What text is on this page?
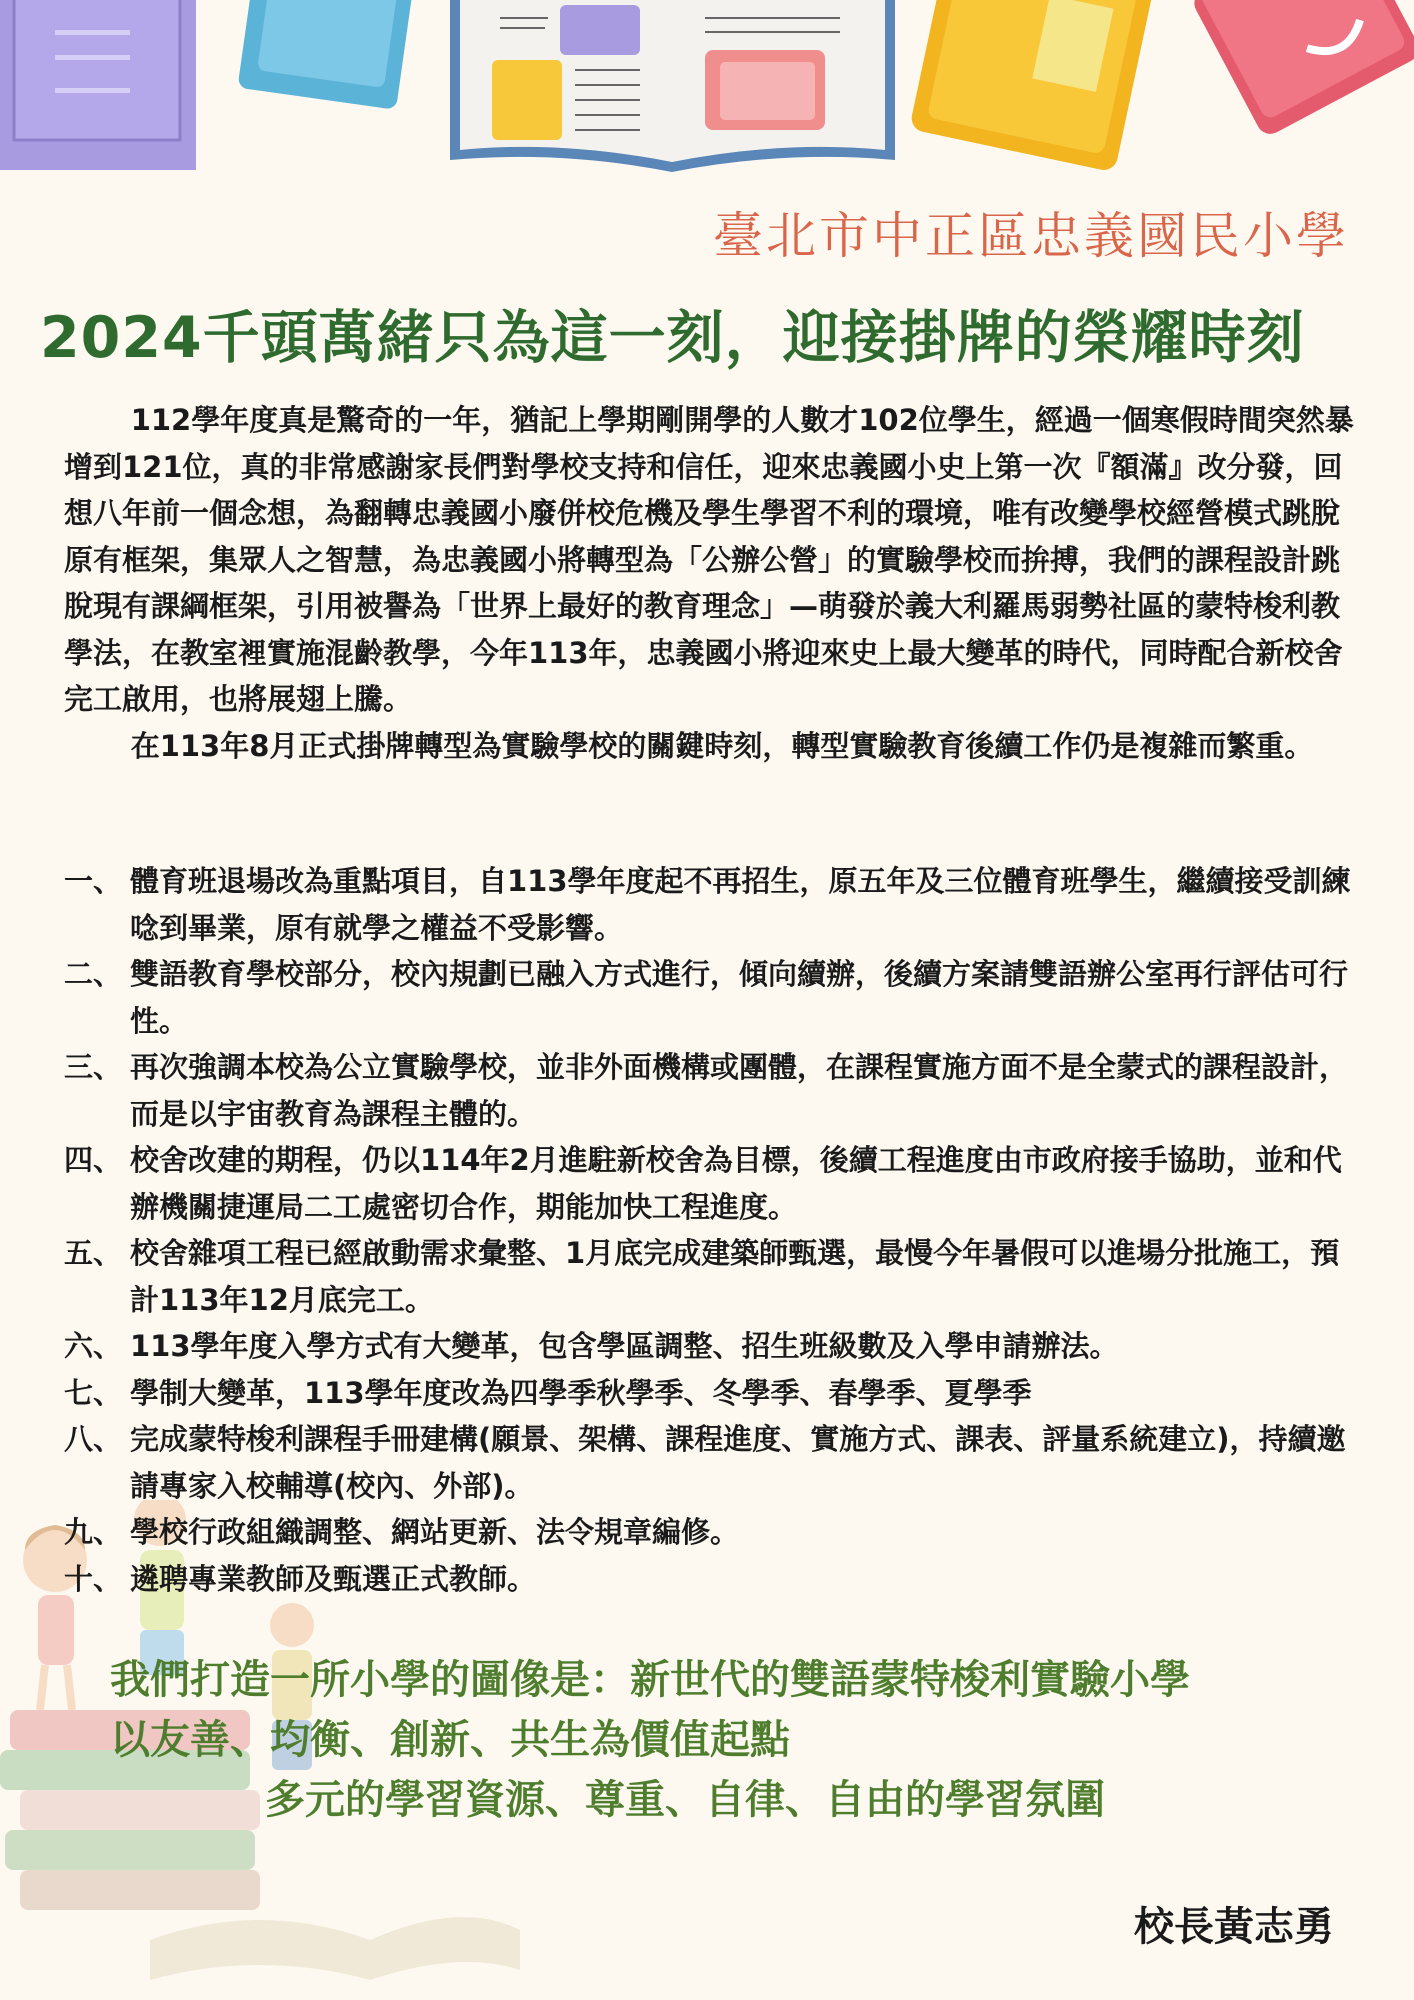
臺北市中正區忠義國民小學
2024千頭萬緒只為這一刻，迎接掛牌的榮耀時刻

112學年度真是驚奇的一年，猶記上學期剛開學的人數才102位學生，經過一個寒假時間突然暴增到121位，真的非常感謝家長們對學校支持和信任，迎來忠義國小史上第一次『額滿』改分發，回想八年前一個念想，為翻轉忠義國小廢併校危機及學生學習不利的環境，唯有改變學校經營模式跳脫原有框架，集眾人之智慧，為忠義國小將轉型為「公辦公營」的實驗學校而拚搏，我們的課程設計跳脫現有課綱框架，引用被譽為「世界上最好的教育理念」—萌發於義大利羅馬弱勢社區的蒙特梭利教學法，在教室裡實施混齡教學，今年113年，忠義國小將迎來史上最大變革的時代，同時配合新校舍完工啟用，也將展翅上騰。

在113年8月正式掛牌轉型為實驗學校的關鍵時刻，轉型實驗教育後續工作仍是複雜而繁重。

一、 體育班退場改為重點項目，自113學年度起不再招生，原五年及三位體育班學生，繼續接受訓練唸到畢業，原有就學之權益不受影響。
二、 雙語教育學校部分，校內規劃已融入方式進行，傾向續辦，後續方案請雙語辦公室再行評估可行性。
三、 再次強調本校為公立實驗學校，並非外面機構或團體，在課程實施方面不是全蒙式的課程設計，而是以宇宙教育為課程主體的。
四、 校舍改建的期程，仍以114年2月進駐新校舍為目標，後續工程進度由市政府接手協助，並和代辦機關捷運局二工處密切合作，期能加快工程進度。
五、 校舍雜項工程已經啟動需求彙整、1月底完成建築師甄選，最慢今年暑假可以進場分批施工，預計113年12月底完工。
六、 113學年度入學方式有大變革，包含學區調整、招生班級數及入學申請辦法。
七、 學制大變革，113學年度改為四學季秋學季、冬學季、春學季、夏學季
八、 完成蒙特梭利課程手冊建構(願景、架構、課程進度、實施方式、課表、評量系統建立)，持續邀請專家入校輔導(校內、外部)。
九、 學校行政組織調整、網站更新、法令規章編修。
十、 遴聘專業教師及甄選正式教師。
我們打造一所小學的圖像是：新世代的雙語蒙特梭利實驗小學
以友善、均衡、創新、共生為價值起點
多元的學習資源、尊重、自律、自由的學習氛圍
校長黃志勇
